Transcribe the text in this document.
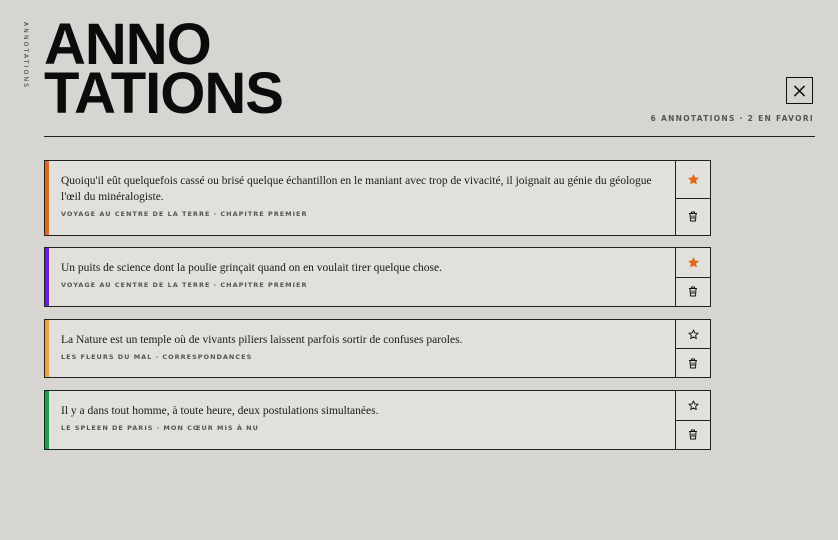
ANNOTATIONS ANNO
TATIONS	6 ANNOTATIONS · 2 EN FAVORI
Quoiqu'il eût quelquefois cassé ou brisé quelque échantillon en le maniant avec trop de vivacité, il joignait au génie du géologue l'œil du minéralogiste.
VOYAGE AU CENTRE DE LA TERRE · CHAPITRE PREMIER
Un puits de science dont la poulie grinçait quand on en voulait tirer quelque chose.
VOYAGE AU CENTRE DE LA TERRE · CHAPITRE PREMIER
La Nature est un temple où de vivants piliers laissent parfois sortir de confuses paroles.
LES FLEURS DU MAL · CORRESPONDANCES
Il y a dans tout homme, à toute heure, deux postulations simultanées.
LE SPLEEN DE PARIS · MON CŒUR MIS À NU
